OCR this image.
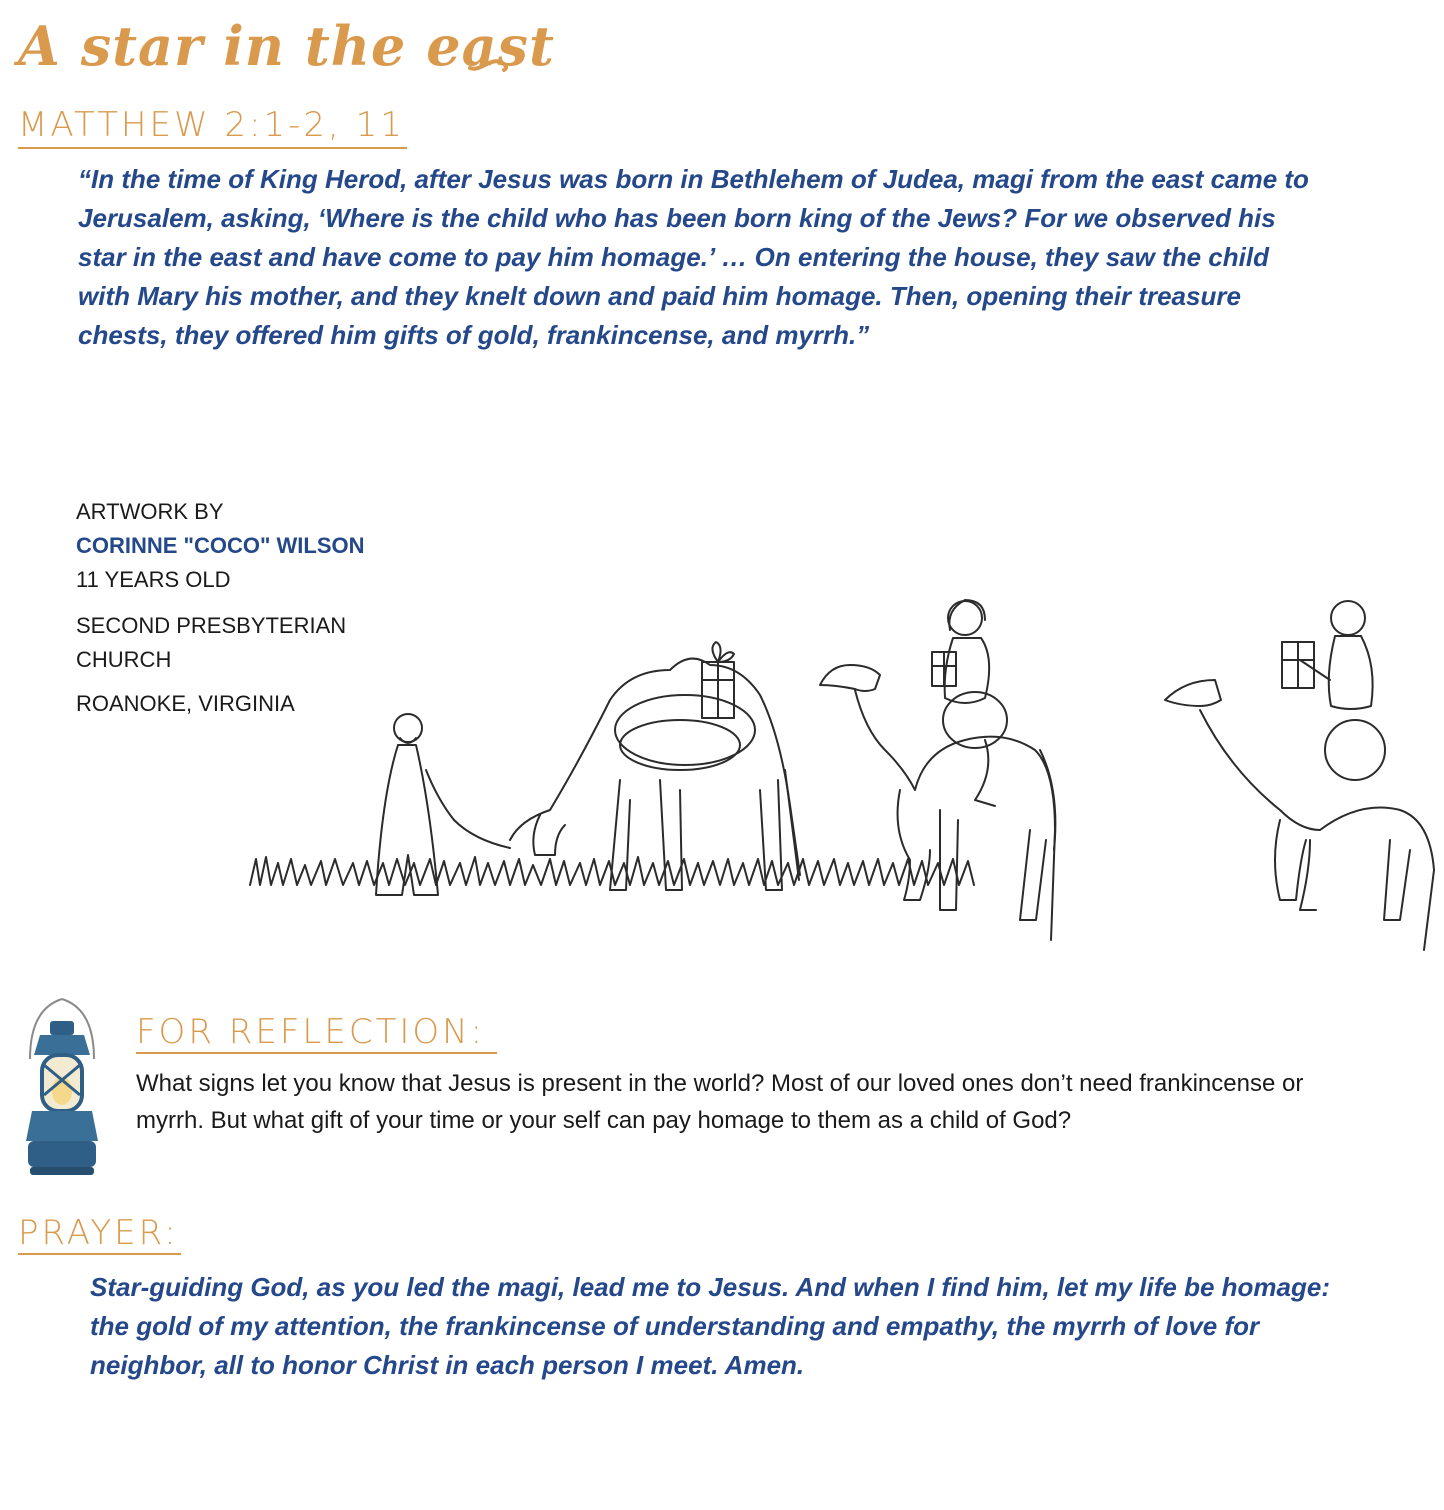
A star in the east
MATTHEW 2:1-2, 11

“In the time of King Herod, after Jesus was born in Bethlehem of Judea, magi from the east came to Jerusalem, asking, ‘Where is the child who has been born king of the Jews? For we observed his star in the east and have come to pay him homage.’ … On entering the house, they saw the child with Mary his mother, and they knelt down and paid him homage. Then, opening their treasure chests, they offered him gifts of gold, frankincense, and myrrh.”

ARTWORK BY
CORINNE "COCO" WILSON
11 YEARS OLD
SECOND PRESBYTERIAN CHURCH
ROANOKE, VIRGINIA
FOR REFLECTION:

What signs let you know that Jesus is present in the world? Most of our loved ones don’t need frankincense or myrrh. But what gift of your time or your self can pay homage to them as a child of God?

PRAYER:

Star-guiding God, as you led the magi, lead me to Jesus. And when I find him, let my life be homage: the gold of my attention, the frankincense of understanding and empathy, the myrrh of love for neighbor, all to honor Christ in each person I meet. Amen.
